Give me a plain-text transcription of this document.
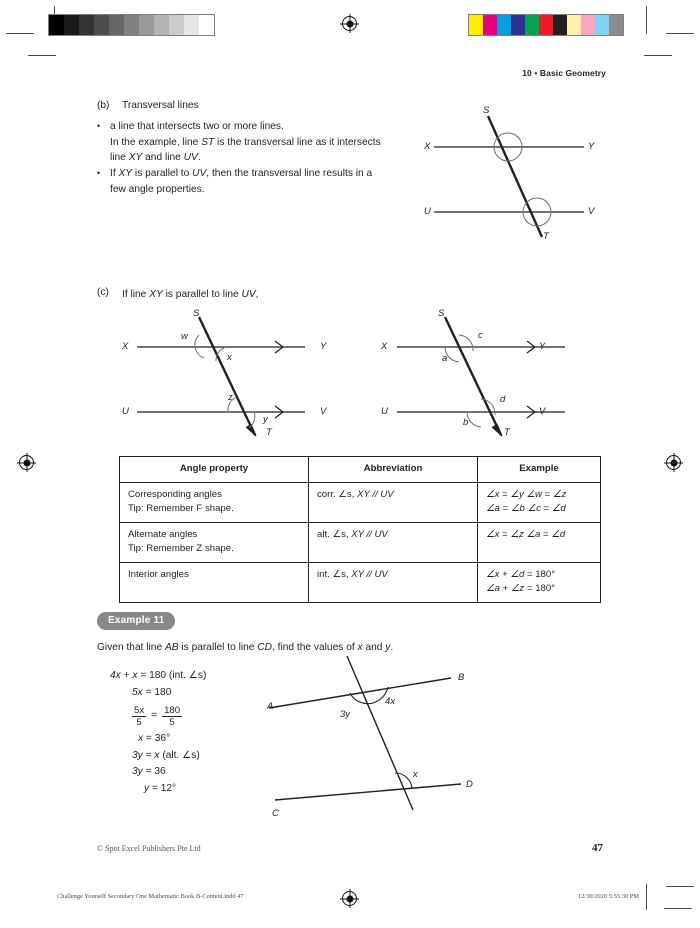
10 • Basic Geometry
(b) Transversal lines
• a line that intersects two or more lines.
In the example, line ST is the transversal line as it intersects
line XY and line UV.
• If XY is parallel to UV, then the transversal line results in a
few angle properties.
S
T
X	Y
U	V
(c) If line XY is parallel to line UV,
S
T
X	Y
U	V
w
x
z
y
S
T
X	Y
U	V
c
a
d
b
Angle property	Abbreviation	Example
Corresponding angles
Tip: Remember F shape.	corr. ∠s, XY // UV	∠x = ∠y ∠w = ∠z
∠a = ∠b ∠c = ∠d
Alternate angles
Tip: Remember Z shape.	alt. ∠s, XY // UV	∠x = ∠z ∠a = ∠d
Interior angles	int. ∠s, XY // UV	∠x + ∠d = 180°
∠a + ∠z = 180°
Example 11
Given that line AB is parallel to line CD, find the values of x and y.
4x + x = 180 (int. ∠s)
5x = 180
$\frac{5x}{5} = \frac{180}{5}$
x = 36°
3y = x (alt. ∠s)
3y = 36
y = 12°
A
B
C
D
3y
4x
x
© Spot Excel Publishers Pte Ltd	47
Challenge Yourself Secondary One Mathematic Book B-Content.indd 47	12/30/2020 5:55:30 PM
